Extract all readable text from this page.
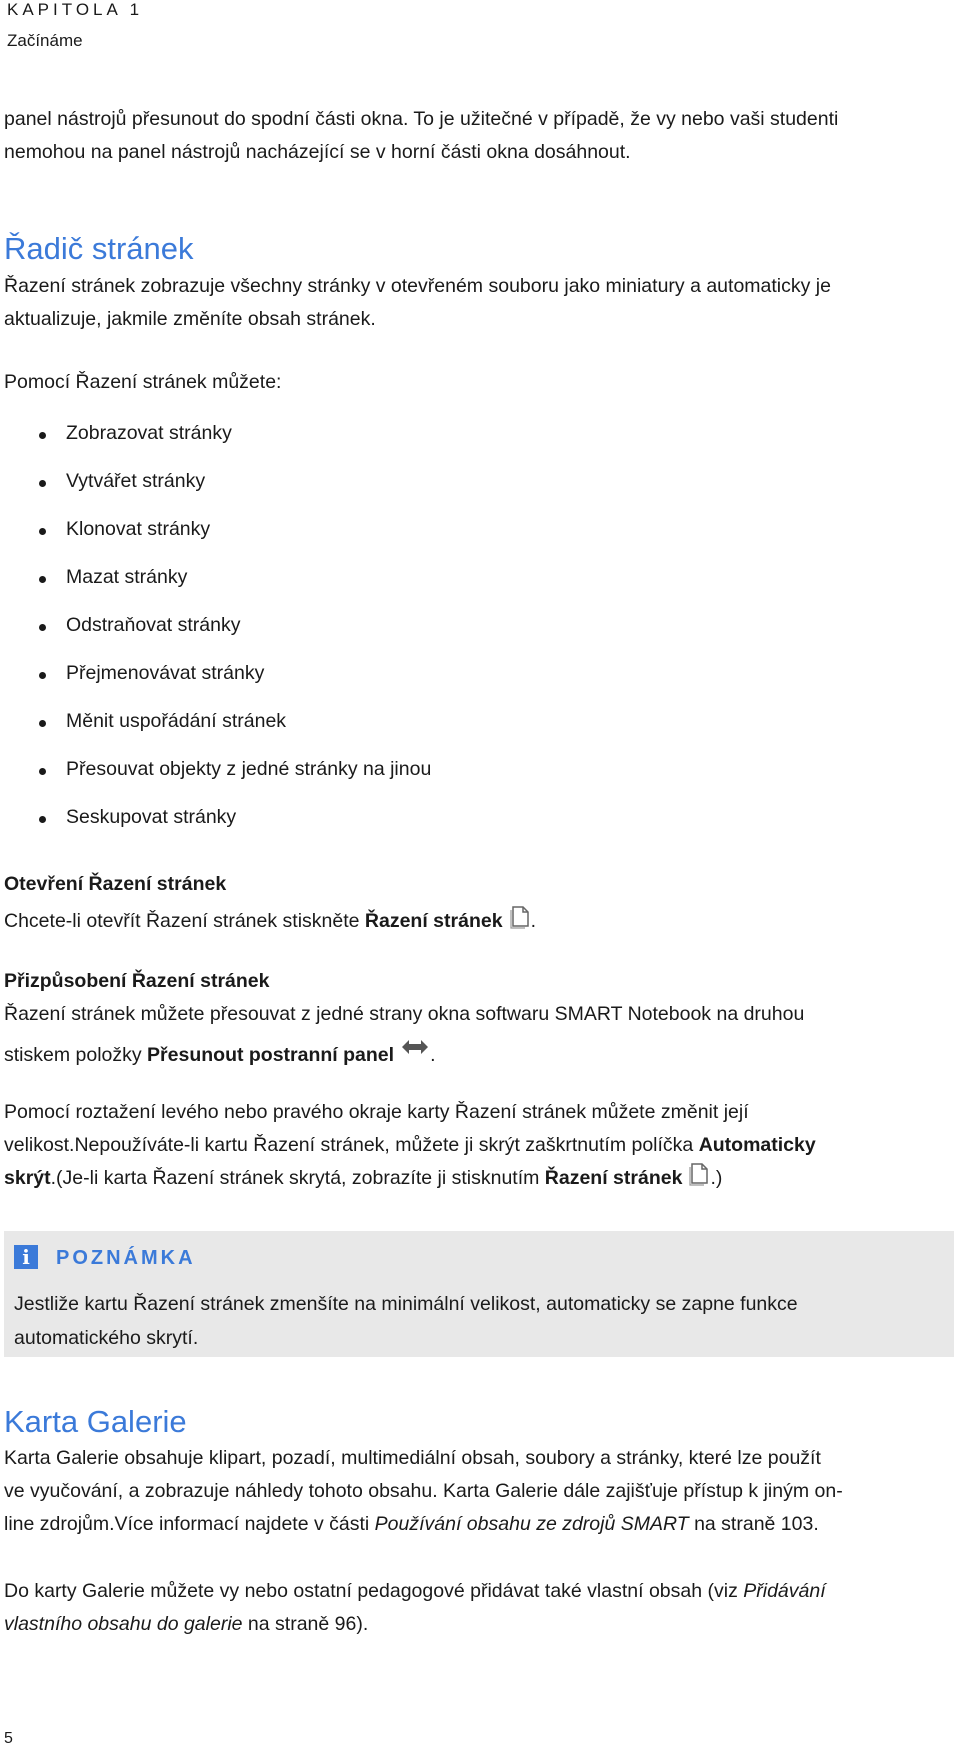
KAPITOLA 1
Začínáme

panel nástrojů přesunout do spodní části okna. To je užitečné v případě, že vy nebo vaši studenti

nemohou na panel nástrojů nacházející se v horní části okna dosáhnout.

Řadič stránek

Řazení stránek zobrazuje všechny stránky v otevřeném souboru jako miniatury a automaticky je

aktualizuje, jakmile změníte obsah stránek.

Pomocí Řazení stránek můžete:

Zobrazovat stránky
Vytvářet stránky
Klonovat stránky
Mazat stránky
Odstraňovat stránky
Přejmenovávat stránky
Měnit uspořádání stránek
Přesouvat objekty z jedné stránky na jinou
Seskupovat stránky
Otevření Řazení stránek

Chcete-li otevřít Řazení stránek stiskněte Řazení stránek .

Přizpůsobení Řazení stránek

Řazení stránek můžete přesouvat z jedné strany okna softwaru SMART Notebook na druhou

stiskem položky Přesunout postranní panel .

Pomocí roztažení levého nebo pravého okraje karty Řazení stránek můžete změnit její

velikost.Nepoužíváte-li kartu Řazení stránek, můžete ji skrýt zaškrtnutím políčka Automaticky

skrýt.(Je-li karta Řazení stránek skrytá, zobrazíte ji stisknutím Řazení stránek .)

i	POZNÁMKA
Jestliže kartu Řazení stránek zmenšíte na minimální velikost, automaticky se zapne funkce
automatického skrytí.
Karta Galerie

Karta Galerie obsahuje klipart, pozadí, multimediální obsah, soubory a stránky, které lze použít

ve vyučování, a zobrazuje náhledy tohoto obsahu. Karta Galerie dále zajišťuje přístup k jiným on-

line zdrojům.Více informací najdete v části Používání obsahu ze zdrojů SMART na straně 103.

Do karty Galerie můžete vy nebo ostatní pedagogové přidávat také vlastní obsah (viz Přidávání

vlastního obsahu do galerie na straně 96).

5
